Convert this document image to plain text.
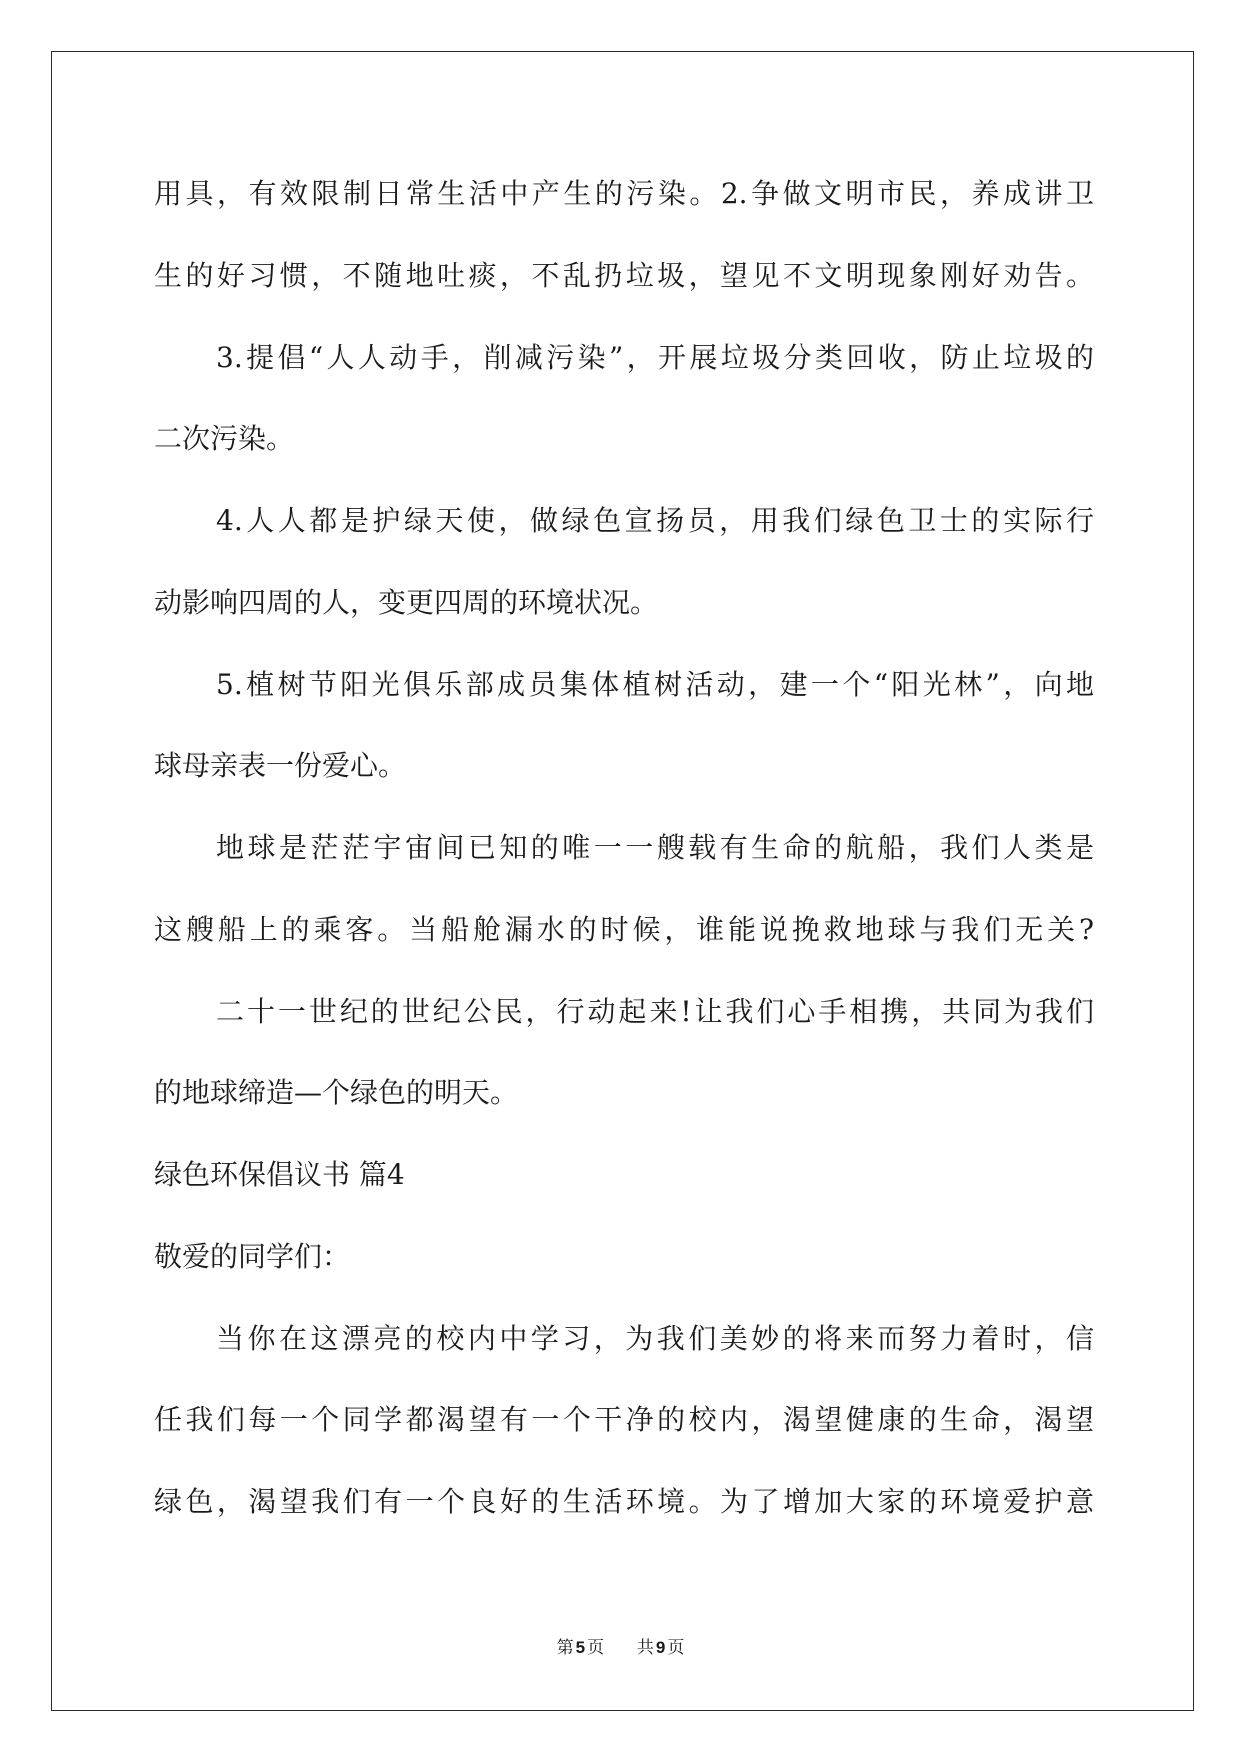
用具，有效限制日常生活中产生的污染。2.争做文明市民，养成讲卫
生的好习惯，不随地吐痰，不乱扔垃圾，望见不文明现象刚好劝告。
3.提倡“人人动手，削减污染”，开展垃圾分类回收，防止垃圾的
二次污染。
4.人人都是护绿天使，做绿色宣扬员，用我们绿色卫士的实际行
动影响四周的人，变更四周的环境状况。
5.植树节阳光俱乐部成员集体植树活动，建一个“阳光林”，向地
球母亲表一份爱心。
地球是茫茫宇宙间已知的唯一一艘载有生命的航船，我们人类是
这艘船上的乘客。当船舱漏水的时候，谁能说挽救地球与我们无关?
二十一世纪的世纪公民，行动起来!让我们心手相携，共同为我们
的地球缔造—个绿色的明天。
绿色环保倡议书 篇4
敬爱的同学们：
当你在这漂亮的校内中学习，为我们美妙的将来而努力着时，信
任我们每一个同学都渴望有一个干净的校内，渴望健康的生命，渴望
绿色，渴望我们有一个良好的生活环境。为了增加大家的环境爱护意
第 5 页 共 9 页
